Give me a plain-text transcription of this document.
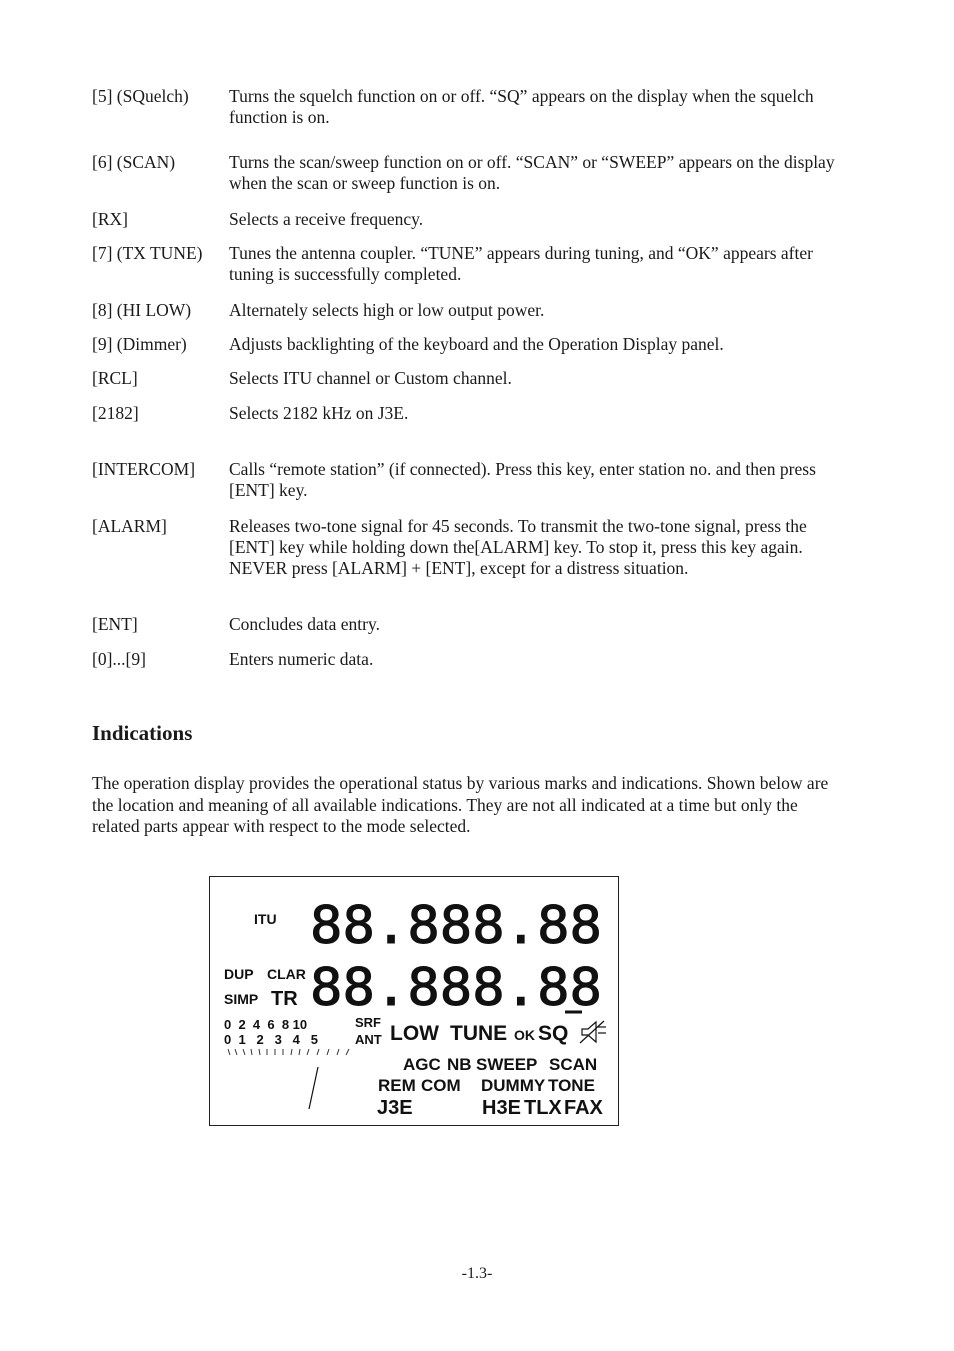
[5] (SQuelch) Turns the squelch function on or off. “SQ” appears on the display when the squelch function is on.
[6] (SCAN)	Turns the scan/sweep function on or off. “SCAN” or “SWEEP” appears on the display when the scan or sweep function is on.
[RX]	Selects a receive frequency.
[7] (TX TUNE) Tunes the antenna coupler. “TUNE” appears during tuning, and “OK” appears after tuning is successfully completed.
[8] (HI LOW) Alternately selects high or low output power.
[9] (Dimmer) Adjusts backlighting of the keyboard and the Operation Display panel.
[RCL]	Selects ITU channel or Custom channel.
[2182]	Selects 2182 kHz on J3E.
[INTERCOM] Calls “remote station” (if connected). Press this key, enter station no. and then press [ENT] key.
[ALARM]	Releases two-tone signal for 45 seconds. To transmit the two-tone signal, press the [ENT] key while holding down the[ALARM] key. To stop it, press this key again. NEVER press [ALARM] + [ENT], except for a distress situation.
[ENT]	Concludes data entry.
[0]...[9]	Enters numeric data.
Indications

The operation display provides the operational status by various marks and indications. Shown below are the location and meaning of all available indications. They are not all indicated at a time but only the related parts appear with respect to the mode selected.

ITU 88.888.88
DUP CLAR
SIMP TR 88.888.88
0  2  4  6  8 10	SRF
0  1   2   3   4   5	ANT LOW TUNE OK SQ
AGC NB SWEEP SCAN
REM COM DUMMY TONE
J3E	H3E TLX FAX
-1.3-
